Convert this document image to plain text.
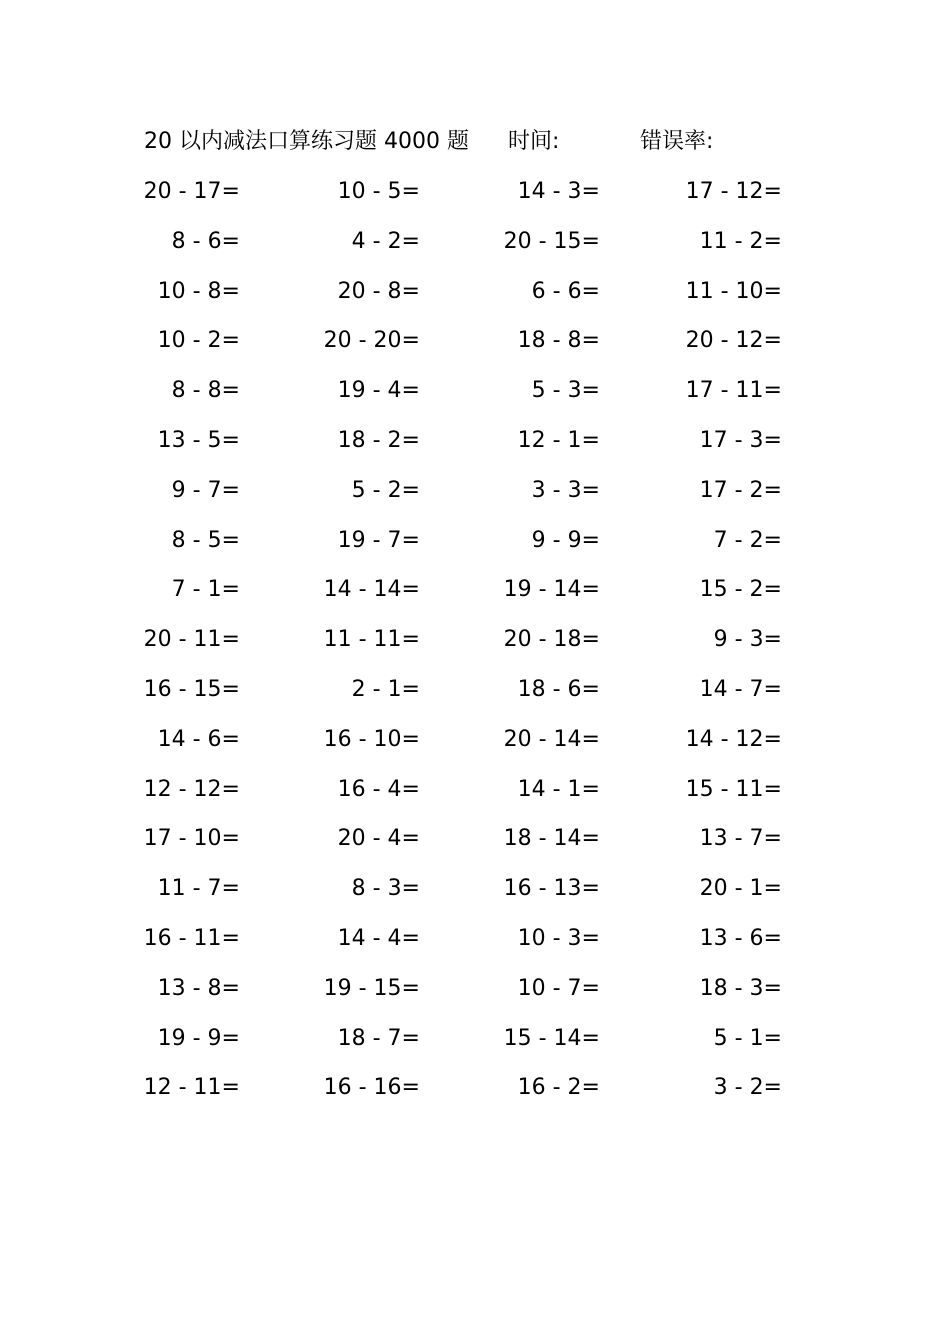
20 以内减法口算练习题 4000 题 时间:	错误率:
20 - 17=	10 - 5=	14 - 3=	17 - 12=
8 - 6=	4 - 2=	20 - 15=	11 - 2=
10 - 8=	20 - 8=	6 - 6=	11 - 10=
10 - 2=	20 - 20=	18 - 8=	20 - 12=
8 - 8=	19 - 4=	5 - 3=	17 - 11=
13 - 5=	18 - 2=	12 - 1=	17 - 3=
9 - 7=	5 - 2=	3 - 3=	17 - 2=
8 - 5=	19 - 7=	9 - 9=	7 - 2=
7 - 1=	14 - 14=	19 - 14=	15 - 2=
20 - 11=	11 - 11=	20 - 18=	9 - 3=
16 - 15=	2 - 1=	18 - 6=	14 - 7=
14 - 6=	16 - 10=	20 - 14=	14 - 12=
12 - 12=	16 - 4=	14 - 1=	15 - 11=
17 - 10=	20 - 4=	18 - 14=	13 - 7=
11 - 7=	8 - 3=	16 - 13=	20 - 1=
16 - 11=	14 - 4=	10 - 3=	13 - 6=
13 - 8=	19 - 15=	10 - 7=	18 - 3=
19 - 9=	18 - 7=	15 - 14=	5 - 1=
12 - 11=	16 - 16=	16 - 2=	3 - 2=
